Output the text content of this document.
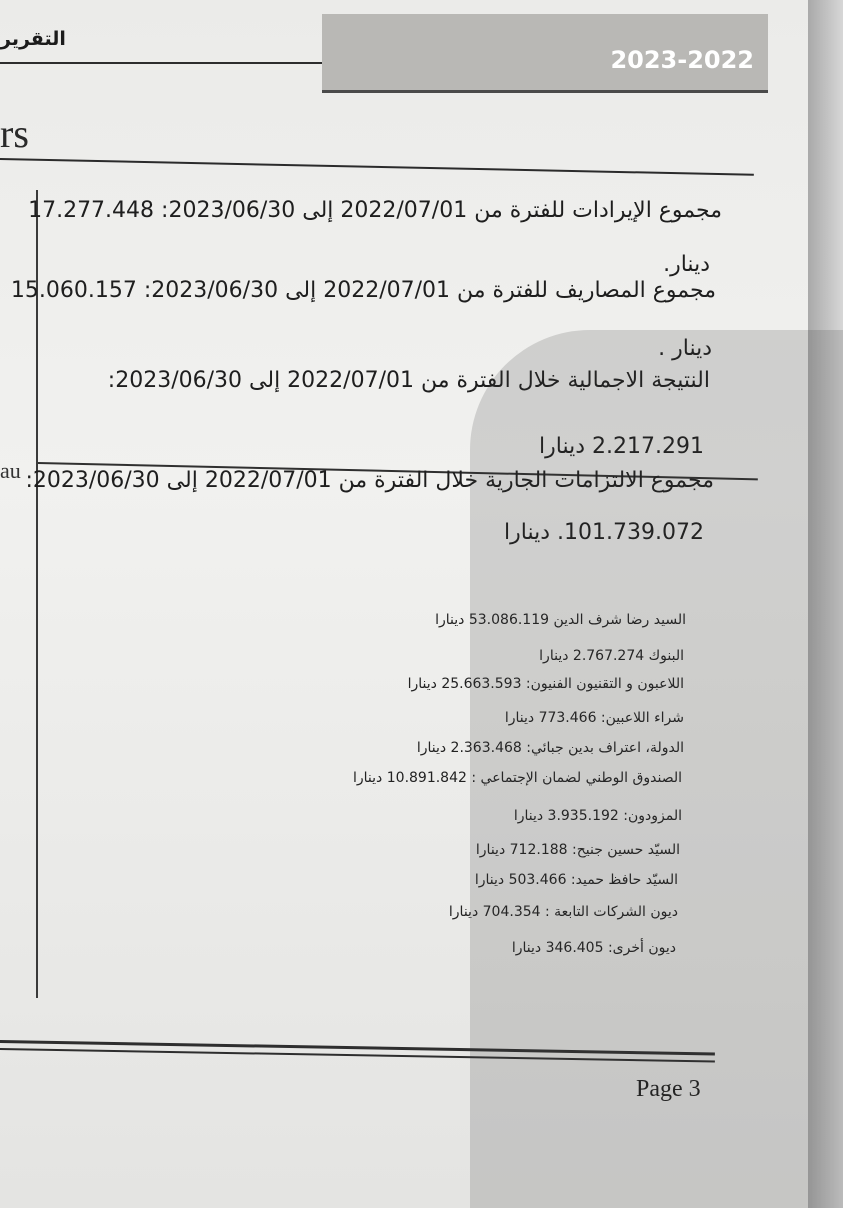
التقرير
2023-2022
rs
au
مجموع الإيرادات للفترة من 2022/07/01 إلى 2023/06/30: 17.277.448
دينار.
مجموع المصاريف للفترة من 2022/07/01 إلى 2023/06/30: 15.060.157
دينار .
النتيجة الاجمالية خلال الفترة من 2022/07/01 إلى 2023/06/30:
2.217.291 دينارا
مجموع الالتزامات الجارية خلال الفترة من 2022/07/01 إلى 2023/06/30:
101.739.072. دينارا
السيد رضا شرف الدين 53.086.119 دينارا
البنوك 2.767.274 دينارا
اللاعبون و التقنيون الفنيون: 25.663.593 دينارا
شراء اللاعبين: 773.466 دينارا
الدولة، اعتراف بدين جبائي: 2.363.468 دينارا
الصندوق الوطني لضمان الإجتماعي : 10.891.842 دينارا
المزودون: 3.935.192 دينارا
السيّد حسين جنيح: 712.188 دينارا
السيّد حافظ حميد: 503.466 دينارا
ديون الشركات التابعة : 704.354 دينارا
ديون أخرى: 346.405 دينارا
Page 3
